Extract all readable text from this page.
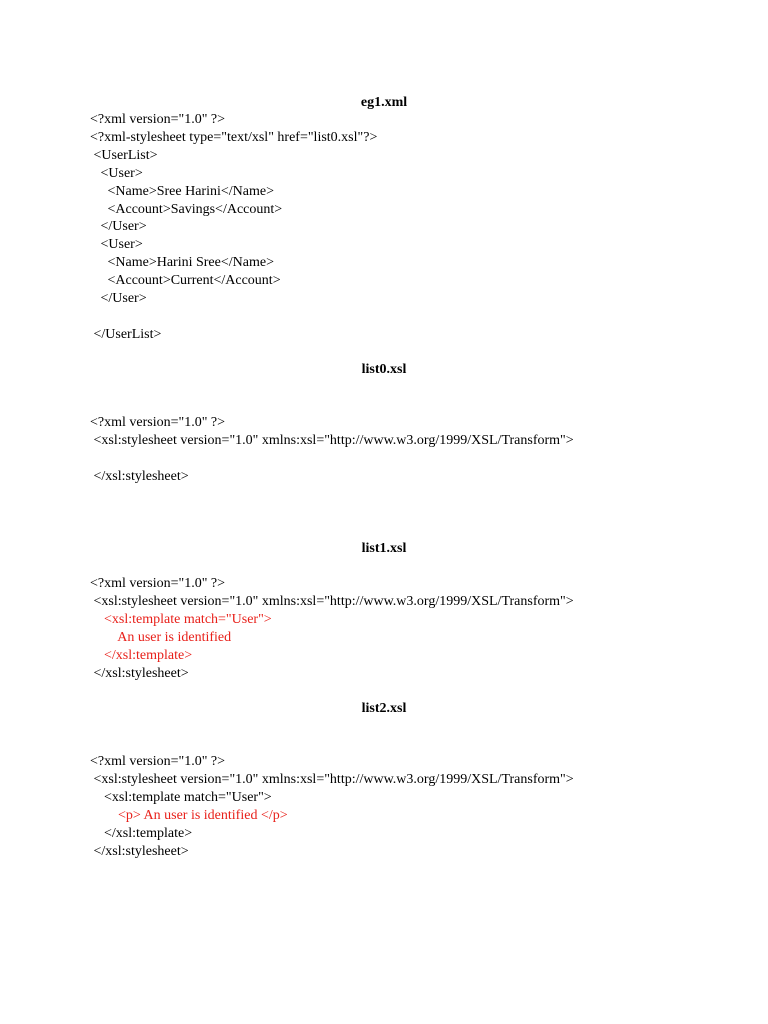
eg1.xml
<?xml version="1.0" ?>
<?xml-stylesheet type="text/xsl" href="list0.xsl"?>
<UserList>
<User>
<Name>Sree Harini</Name>
<Account>Savings</Account>
</User>
<User>
<Name>Harini Sree</Name>
<Account>Current</Account>
</User>
</UserList>
list0.xsl
<?xml version="1.0" ?>
<xsl:stylesheet version="1.0" xmlns:xsl="http://www.w3.org/1999/XSL/Transform">
</xsl:stylesheet>
list1.xsl
<?xml version="1.0" ?>
<xsl:stylesheet version="1.0" xmlns:xsl="http://www.w3.org/1999/XSL/Transform">
<xsl:template match="User">
An user is identified
</xsl:template>
</xsl:stylesheet>
list2.xsl
<?xml version="1.0" ?>
<xsl:stylesheet version="1.0" xmlns:xsl="http://www.w3.org/1999/XSL/Transform">
<xsl:template match="User">
<p> An user is identified </p>
</xsl:template>
</xsl:stylesheet>
